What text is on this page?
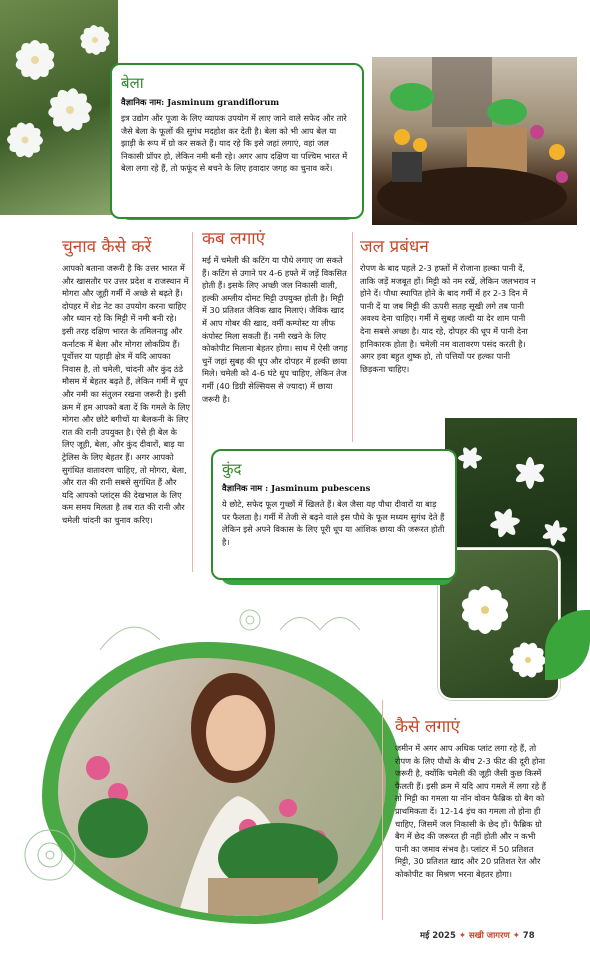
बेला
वैज्ञानिक नाम: Jasminum grandiflorum

इत्र उद्योग और पूजा के लिए व्यापक उपयोग में लाए जाने वाले सफेद और तारे जैसे बेला के फूलों की सुगंध मदहोश कर देती है। बेला को भी आप बेल या झाड़ी के रूप में ग्रो कर सकते हैं। याद रहे कि इसे जहां लगाएं, वहां जल निकासी प्रॉपर हो, लेकिन नमी बनी रहे। अगर आप दक्षिण या पश्चिम भारत में बेला लगा रहे हैं, तो फफूंद से बचने के लिए हवादार जगह का चुनाव करें।

चुनाव कैसे करें

आपको बताना जरूरी है कि उत्तर भारत में और खासतौर पर उत्तर प्रदेश व राजस्थान में मोगरा और जूही गर्मी में अच्छे से बढ़ते हैं। दोपहर में शेड नेट का उपयोग करना चाहिए और ध्यान रहे कि मिट्टी में नमी बनी रहे। इसी तरह दक्षिण भारत के तमिलनाडु और कर्नाटक में बेला और मोगरा लोकप्रिय हैं। पूर्वोत्तर या पहाड़ी क्षेत्र में यदि आपका निवास है, तो चमेली, चांदनी और कुंद ठंडे मौसम में बेहतर बढ़ते हैं, लेकिन गर्मी में धूप और नमी का संतुलन रखना जरूरी है। इसी क्रम में हम आपको बता दें कि गमले के लिए मोगरा और छोटे बगीचों या बैलकनी के लिए रात की रानी उपयुक्त है। ऐसे ही बेल के लिए जूही, बेला, और कुंद दीवारों, बाड़ या ट्रेलिस के लिए बेहतर हैं। अगर आपको सुगंधित वातावरण चाहिए, तो मोगरा, बेला, और रात की रानी सबसे सुगंधित हैं और यदि आपको प्लांट्स की देखभाल के लिए कम समय मिलता है तब रात की रानी और चमेली चांदनी का चुनाव करिए।

कब लगाएं

मई में चमेली की कटिंग या पौधे लगाए जा सकते हैं। कटिंग से उगाने पर 4-6 हफ्ते में जड़ें विकसित होती हैं। इसके लिए अच्छी जल निकासी वाली, हल्की अम्लीय दोमट मिट्टी उपयुक्त होती है। मिट्टी में 30 प्रतिशत जैविक खाद मिलाएं। जैविक खाद में आप गोबर की खाद, वर्मी कम्पोस्ट या लीफ कंपोस्ट मिला सकती हैं। नमी रखने के लिए कोकोपीट मिलाना बेहतर होगा। साथ में ऐसी जगह चुनें जहां सुबह की धूप और दोपहर में हल्की छाया मिले। चमेली को 4-6 घंटे धूप चाहिए, लेकिन तेज गर्मी (40 डिग्री सेल्सियस से ज्यादा) में छाया जरूरी है।

जल प्रबंधन

रोपण के बाद पहले 2-3 हफ्तों में रोजाना हल्का पानी दें, ताकि जड़ें मजबूत हों। मिट्टी को नम रखें, लेकिन जलभराव न होने दें। पौधा स्थापित होने के बाद गर्मी में हर 2-3 दिन में पानी दें या जब मिट्टी की ऊपरी सतह सूखी लगे तब पानी अवश्य देना चाहिए। गर्मी में सुबह जल्दी या देर शाम पानी देना सबसे अच्छा है। याद रहे, दोपहर की धूप में पानी देना हानिकारक होता है। चमेली नम वातावरण पसंद करती है। अगर हवा बहुत शुष्क हो, तो पत्तियों पर हल्का पानी छिड़कना चाहिए।

कुंद
वैज्ञानिक नाम : Jasminum pubescens

ये छोटे, सफेद फूल गुच्छों में खिलते हैं। बेल जैसा यह पौधा दीवारों या बाड़ पर फैलता है। गर्मी में तेजी से बढ़ने वाले इस पौधे के फूल मध्यम सुगंध देते हैं लेकिन इसे अपने विकास के लिए पूरी धूप या आंशिक छाया की जरूरत होती है।

कैसे लगाएं

जमीन में अगर आप अधिक प्लांट लगा रहे हैं, तो रोपण के लिए पौधों के बीच 2-3 फीट की दूरी होना जरूरी है, क्योंकि चमेली की जूही जैसी कुछ किस्में फैलती हैं। इसी क्रम में यदि आप गमले में लगा रहे हैं तो मिट्टी का गमला या नॉन वोवन फैब्रिक ग्रो बैग को प्राथमिकता दें। 12-14 इंच का गमला तो होना ही चाहिए, जिसमें जल निकासी के छेद हों। फैब्रिक ग्रो बैग में छेद की जरूरत ही नहीं होती और न कभी पानी का जमाव संभव है। प्लांटर में 50 प्रतिशत मिट्टी, 30 प्रतिशत खाद और 20 प्रतिशत रेत और कोकोपीट का मिश्रण भरना बेहतर होगा।

मई 2025 ✦ सखी जागरण ✦ 78
